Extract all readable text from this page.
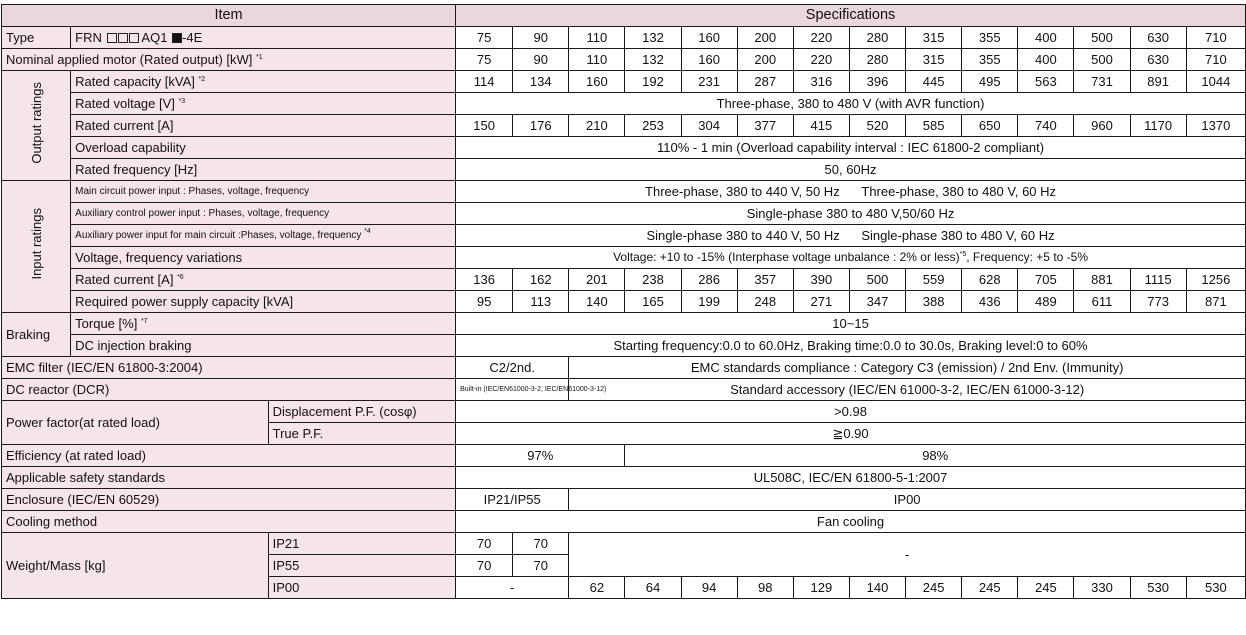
Item			Specifications													
Type	FRN AQ1 -4E		75	90	110	132	160	200	220	280	315	355	400	500	630	710
Nominal applied motor (Rated output) [kW] $^{*1}$			75	90	110	132	160	200	220	280	315	355	400	500	630	710
Output ratings	Rated capacity [kVA] $^{*2}$		114	134	160	192	231	287	316	396	445	495	563	731	891	1044
	Rated voltage [V] $^{*3}$		Three-phase, 380 to 480 V (with AVR function)													
	Rated current [A]		150	176	210	253	304	377	415	520	585	650	740	960	1170	1370
	Overload capability		110% - 1 min (Overload capability interval : IEC 61800-2 compliant)													
	Rated frequency [Hz]		50, 60Hz													
Input ratings	Main circuit power input : Phases, voltage, frequency		Three-phase, 380 to 440 V, 50 Hz Three-phase, 380 to 480 V, 60 Hz													
	Auxiliary control power input : Phases, voltage, frequency		Single-phase 380 to 480 V,50/60 Hz													
	Auxiliary power input for main circuit :Phases, voltage, frequency $^{*4}$		Single-phase 380 to 440 V, 50 Hz Single-phase 380 to 480 V, 60 Hz													
	Voltage, frequency variations		Voltage: +10 to -15% (Interphase voltage unbalance : 2% or less)$^{*5}$, Frequency: +5 to -5%													
	Rated current [A] $^{*6}$		136	162	201	238	286	357	390	500	559	628	705	881	1115	1256
	Required power supply capacity [kVA]		95	113	140	165	199	248	271	347	388	436	489	611	773	871
Braking	Torque [%] $^{*7}$		10~15													
	DC injection braking		Starting frequency:0.0 to 60.0Hz, Braking time:0.0 to 30.0s, Braking level:0 to 60%													
EMC filter (IEC/EN 61800-3:2004)			C2/2nd.		EMC standards compliance : Category C3 (emission) / 2nd Env. (Immunity)											
DC reactor (DCR)			Built-in (IEC/EN61000-3-2, IEC/EN61000-3-12)		Standard accessory (IEC/EN 61000-3-2, IEC/EN 61000-3-12)											
Power factor(at rated load)		Displacement P.F. (cosφ)	>0.98													
		True P.F.	≧0.90													
Efficiency (at rated load)			97%			98%										
Applicable safety standards			UL508C, IEC/EN 61800-5-1:2007													
Enclosure (IEC/EN 60529)			IP21/IP55		IP00											
Cooling method			Fan cooling													
Weight/Mass [kg]		IP21	70	70	-											
		IP55	70	70												
		IP00	-		62	64	94	98	129	140	245	245	245	330	530	530
